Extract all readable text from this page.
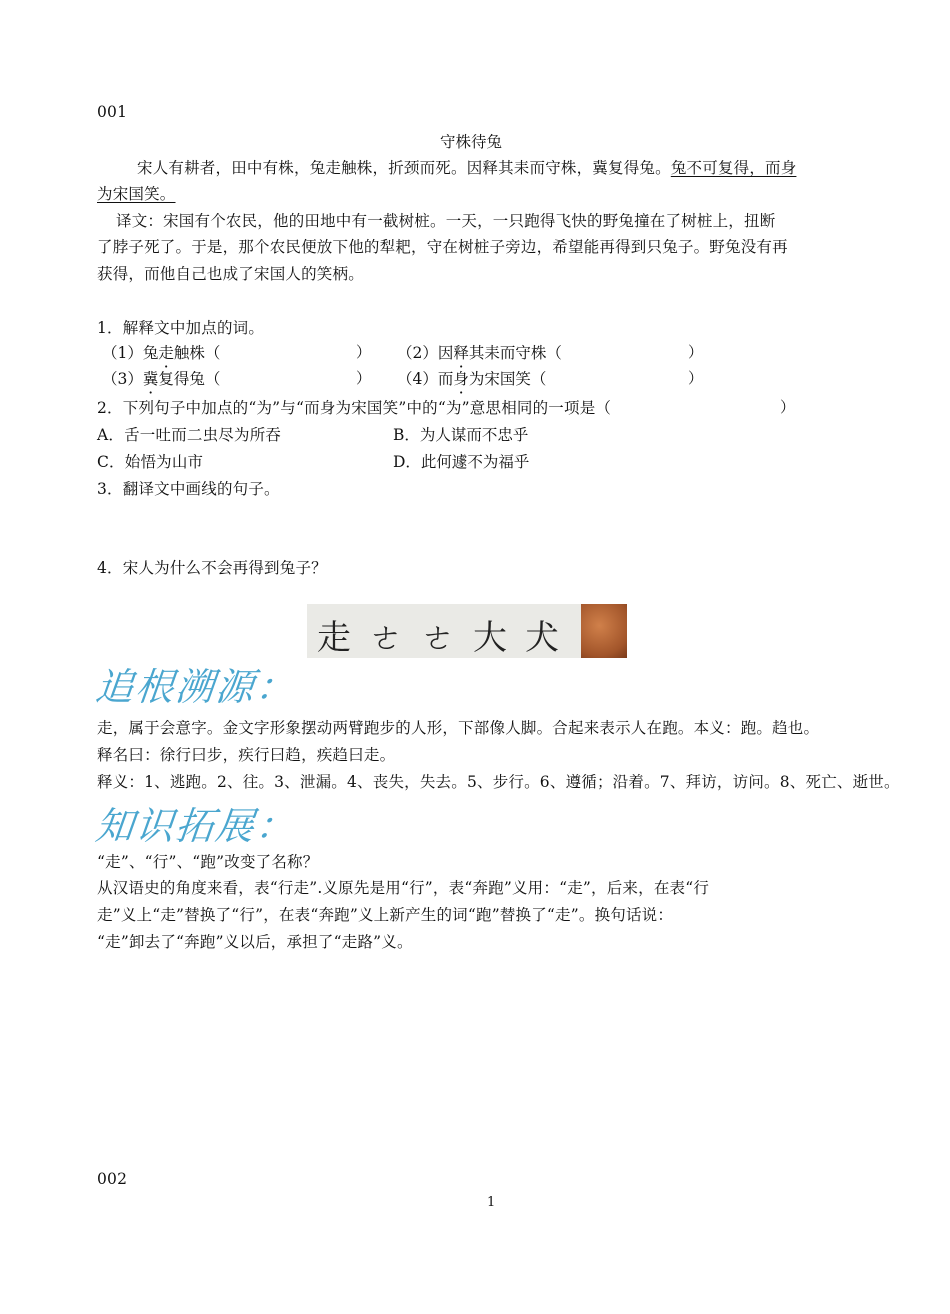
001
守株待兔
宋人有耕者，田中有株，兔走触株，折颈而死。因释其耒而守株，冀复得兔。兔不可复得，而身
为宋国笑。
译文：宋国有个农民，他的田地中有一截树桩。一天，一只跑得飞快的野兔撞在了树桩上，扭断
了脖子死了。于是，那个农民便放下他的犁耙，守在树桩子旁边，希望能再得到只兔子。野兔没有再
获得，而他自己也成了宋国人的笑柄。
1．解释文中加点的词。
（1）兔走触株（	） （2）因释其耒而守株（	）
（3）冀复得兔（	） （4）而身为宋国笑（	）
2．下列句子中加点的“为”与“而身为宋国笑”中的“为”意思相同的一项是（	）
A．舌一吐而二虫尽为所吞	B．为人谋而不忠乎
C．始悟为山市	D．此何遽不为福乎
3．翻译文中画线的句子。
4．宋人为什么不会再得到兔子？
走 ㄜ ㄜ 大 犬
追根溯源：
走，属于会意字。金文字形象摆动两臂跑步的人形，下部像人脚。合起来表示人在跑。本义：跑。趋也。
释名曰：徐行曰步，疾行曰趋，疾趋曰走。
释义：1、逃跑。2、往。3、泄漏。4、丧失，失去。5、步行。6、遵循；沿着。7、拜访，访问。8、死亡、逝世。
知识拓展：
“走”、“行”、“跑”改变了名称？
从汉语史的角度来看，表“行走”.义原先是用“行”，表“奔跑”义用：“走”，后来，在表“行
走”义上“走”替换了“行”，在表“奔跑”义上新产生的词“跑”替换了“走”。换句话说：
“走”卸去了“奔跑”义以后，承担了“走路”义。
002
1
